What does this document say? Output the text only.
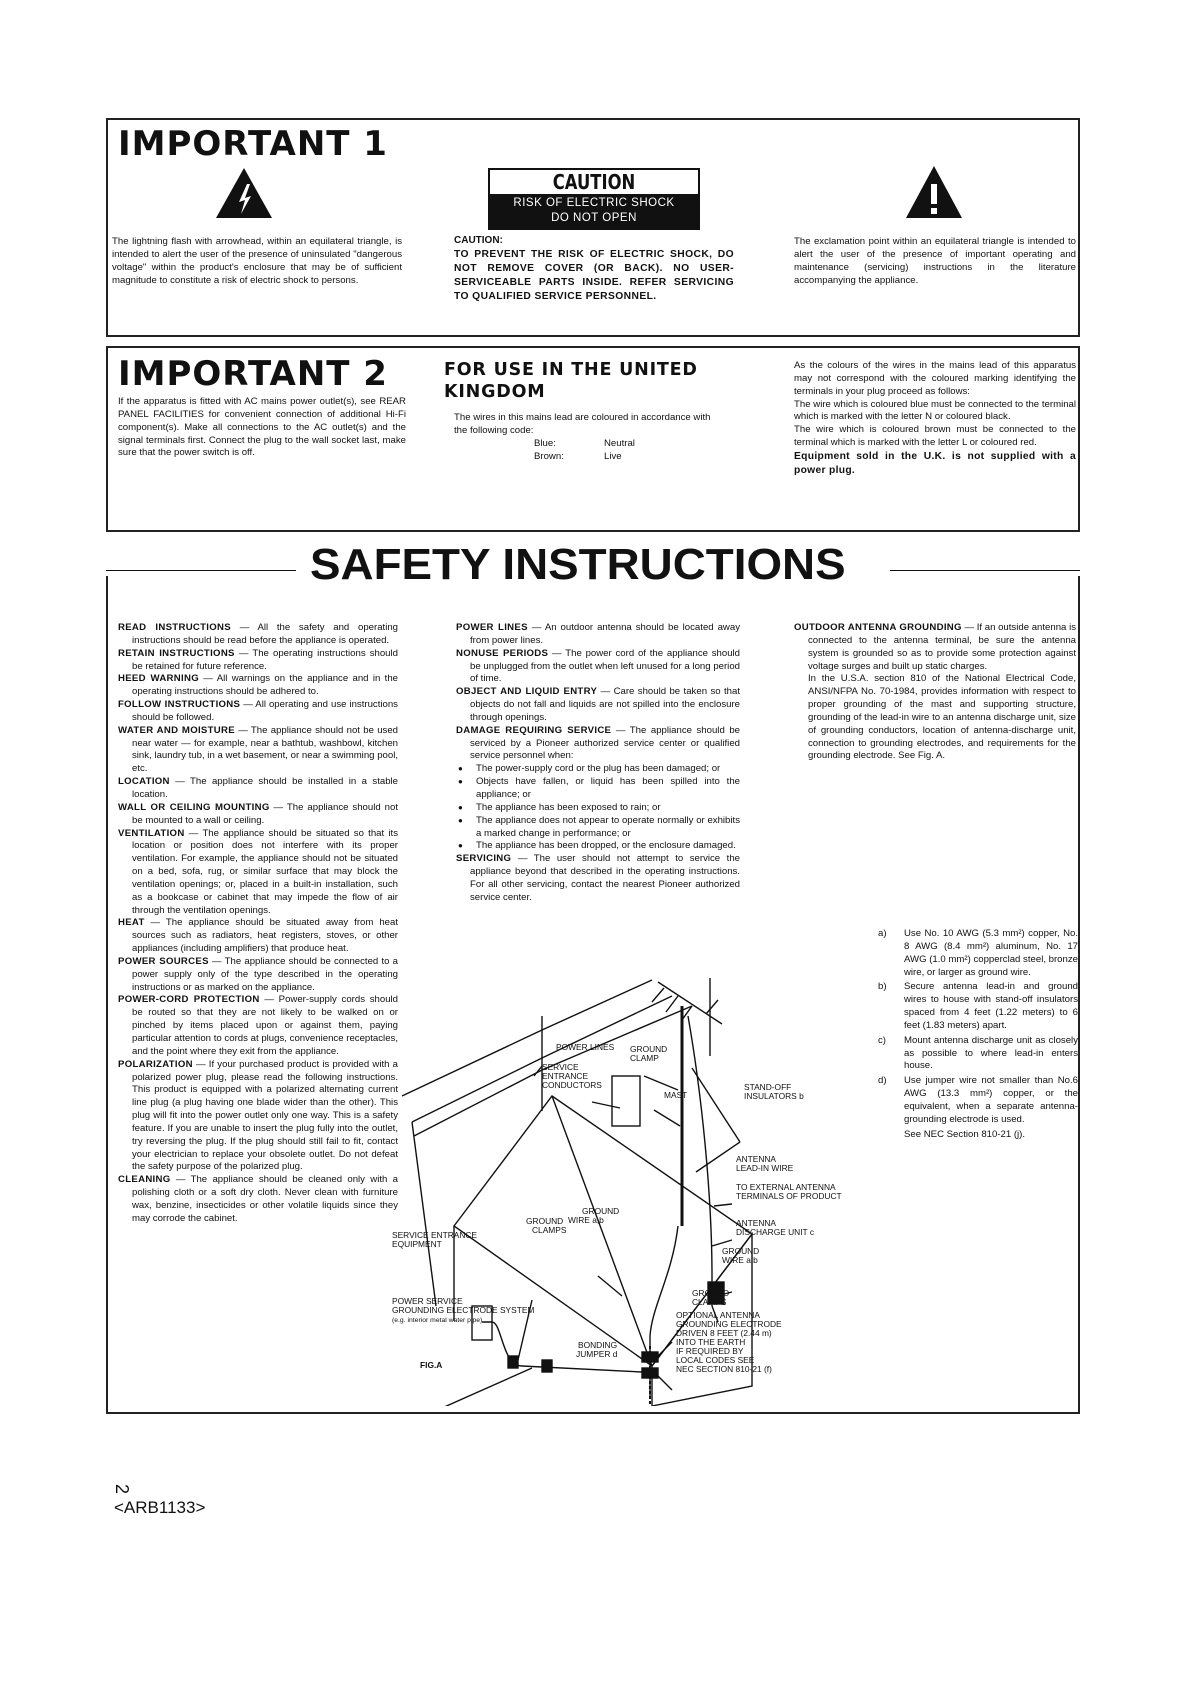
IMPORTANT 1
The lightning flash with arrowhead, within an equilateral triangle, is intended to alert the user of the presence of uninsulated "dangerous voltage" within the product's enclosure that may be of sufficient magnitude to constitute a risk of electric shock to persons.
CAUTION
RISK OF ELECTRIC SHOCK
DO NOT OPEN
CAUTION:
TO PREVENT THE RISK OF ELECTRIC SHOCK, DO NOT REMOVE COVER (OR BACK). NO USER-SERVICEABLE PARTS INSIDE. REFER SERVICING TO QUALIFIED SERVICE PERSONNEL.
The exclamation point within an equilateral triangle is intended to alert the user of the presence of important operating and maintenance (servicing) instructions in the literature accompanying the appliance.
IMPORTANT 2
If the apparatus is fitted with AC mains power outlet(s), see REAR PANEL FACILITIES for convenient connection of additional Hi-Fi component(s). Make all connections to the AC outlet(s) and the signal terminals first. Connect the plug to the wall socket last, make sure that the power switch is off.
FOR USE IN THE UNITED KINGDOM
The wires in this mains lead are coloured in accordance with the following code:
Blue:	Neutral
Brown:	Live
As the colours of the wires in the mains lead of this apparatus may not correspond with the coloured marking identifying the terminals in your plug proceed as follows:
The wire which is coloured blue must be connected to the terminal which is marked with the letter N or coloured black.
The wire which is coloured brown must be connected to the terminal which is marked with the letter L or coloured red.
Equipment sold in the U.K. is not supplied with a power plug.
SAFETY INSTRUCTIONS
READ INSTRUCTIONS — All the safety and operating instructions should be read before the appliance is operated.
RETAIN INSTRUCTIONS — The operating instructions should be retained for future reference.
HEED WARNING — All warnings on the appliance and in the operating instructions should be adhered to.
FOLLOW INSTRUCTIONS — All operating and use instructions should be followed.
WATER AND MOISTURE — The appliance should not be used near water — for example, near a bathtub, washbowl, kitchen sink, laundry tub, in a wet basement, or near a swimming pool, etc.
LOCATION — The appliance should be installed in a stable location.
WALL OR CEILING MOUNTING — The appliance should not be mounted to a wall or ceiling.
VENTILATION — The appliance should be situated so that its location or position does not interfere with its proper ventilation. For example, the appliance should not be situated on a bed, sofa, rug, or similar surface that may block the ventilation openings; or, placed in a built-in installation, such as a bookcase or cabinet that may impede the flow of air through the ventilation openings.
HEAT — The appliance should be situated away from heat sources such as radiators, heat registers, stoves, or other appliances (including amplifiers) that produce heat.
POWER SOURCES — The appliance should be connected to a power supply only of the type described in the operating instructions or as marked on the appliance.
POWER-CORD PROTECTION — Power-supply cords should be routed so that they are not likely to be walked on or pinched by items placed upon or against them, paying particular attention to cords at plugs, convenience receptacles, and the point where they exit from the appliance.
POLARIZATION — If your purchased product is provided with a polarized power plug, please read the following instructions. This product is equipped with a polarized alternating current line plug (a plug having one blade wider than the other). This plug will fit into the power outlet only one way. This is a safety feature. If you are unable to insert the plug fully into the outlet, try reversing the plug. If the plug should still fail to fit, contact your electrician to replace your obsolete outlet. Do not defeat the safety purpose of the polarized plug.
CLEANING — The appliance should be cleaned only with a polishing cloth or a soft dry cloth. Never clean with furniture wax, benzine, insecticides or other volatile liquids since they may corrode the cabinet.
POWER LINES — An outdoor antenna should be located away from power lines.
NONUSE PERIODS — The power cord of the appliance should be unplugged from the outlet when left unused for a long period of time.
OBJECT AND LIQUID ENTRY — Care should be taken so that objects do not fall and liquids are not spilled into the enclosure through openings.
DAMAGE REQUIRING SERVICE — The appliance should be serviced by a Pioneer authorized service center or qualified service personnel when:
● The power-supply cord or the plug has been damaged; or
● Objects have fallen, or liquid has been spilled into the appliance; or
● The appliance has been exposed to rain; or
● The appliance does not appear to operate normally or exhibits a marked change in performance; or
● The appliance has been dropped, or the enclosure damaged.
SERVICING — The user should not attempt to service the appliance beyond that described in the operating instructions. For all other servicing, contact the nearest Pioneer authorized service center.
OUTDOOR ANTENNA GROUNDING — If an outside antenna is connected to the antenna terminal, be sure the antenna system is grounded so as to provide some protection against voltage surges and built up static charges.
In the U.S.A. section 810 of the National Electrical Code, ANSI/NFPA No. 70-1984, provides information with respect to proper grounding of the mast and supporting structure, grounding of the lead-in wire to an antenna discharge unit, size of grounding conductors, location of antenna-discharge unit, connection to grounding electrodes, and requirements for the grounding electrode. See Fig. A.
a) Use No. 10 AWG (5.3 mm²) copper, No. 8 AWG (8.4 mm²) aluminum, No. 17 AWG (1.0 mm²) copperclad steel, bronze wire, or larger as ground wire.
b) Secure antenna lead-in and ground wires to house with stand-off insulators spaced from 4 feet (1.22 meters) to 6 feet (1.83 meters) apart.
c) Mount antenna discharge unit as closely as possible to where lead-in enters house.
d) Use jumper wire not smaller than No.6 AWG (13.3 mm²) copper, or the equivalent, when a separate antenna-grounding electrode is used.
See NEC Section 810-21 (j).
POWER LINES
SERVICE
ENTRANCE
CONDUCTORS
GROUND
CLAMP
MAST
STAND-OFF
INSULATORS b
ANTENNA
LEAD-IN WIRE
TO EXTERNAL ANTENNA
TERMINALS OF PRODUCT
ANTENNA
DISCHARGE UNIT c
GROUND
WIRE a,b
GROUND
CLAMPS
GROUND
WIRE a,b
GROUND
CLAMPS
SERVICE ENTRANCE
EQUIPMENT
POWER SERVICE
GROUNDING ELECTRODE SYSTEM
(e.g. interior metal water pipe)
BONDING
JUMPER d
OPTIONAL ANTENNA
GROUNDING ELECTRODE
DRIVEN 8 FEET (2.44 m)
INTO THE EARTH
IF REQUIRED BY
LOCAL CODES SEE
NEC SECTION 810-21 (f)
FIG.A
2
<ARB1133>
